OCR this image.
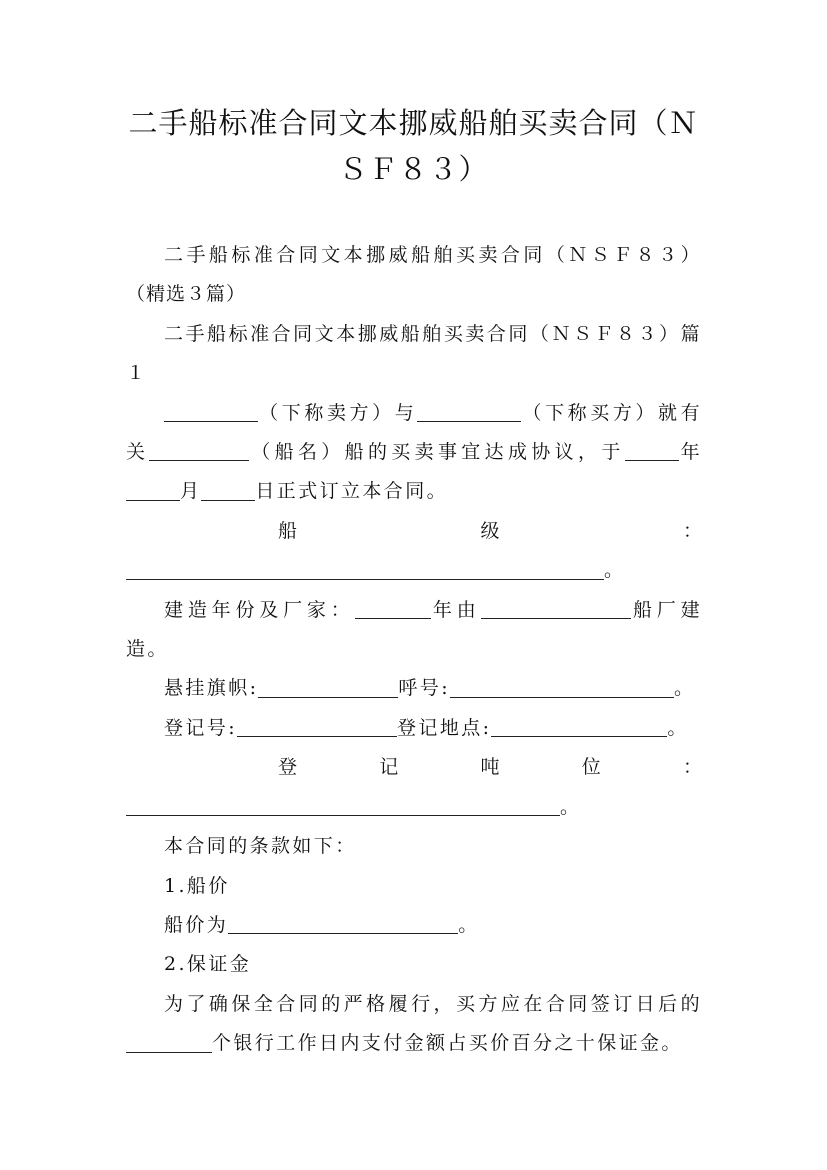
二手船标准合同文本挪威船舶买卖合同（Ｎ
ＳＦ８３）

二手船标准合同文本挪威船舶买卖合同（ＮＳＦ８３）（精选３篇）

二手船标准合同文本挪威船舶买卖合同（ＮＳＦ８３）篇１

（下称卖方）与	（下称买方）就有关	（船名）船的买卖事宜达成协议，于	年月	日正式订立本合同。

船	级	：

。

建造年份及厂家：	年由	船厂建造。

悬挂旗帜:	呼号:	。

登记号:	登记地点:	。

登	记	吨	位	：

。

本合同的条款如下：

1.船价

船价为	。

2.保证金

为了确保全合同的严格履行，买方应在合同签订日后的个银行工作日内支付金额占买价百分之十保证金。
